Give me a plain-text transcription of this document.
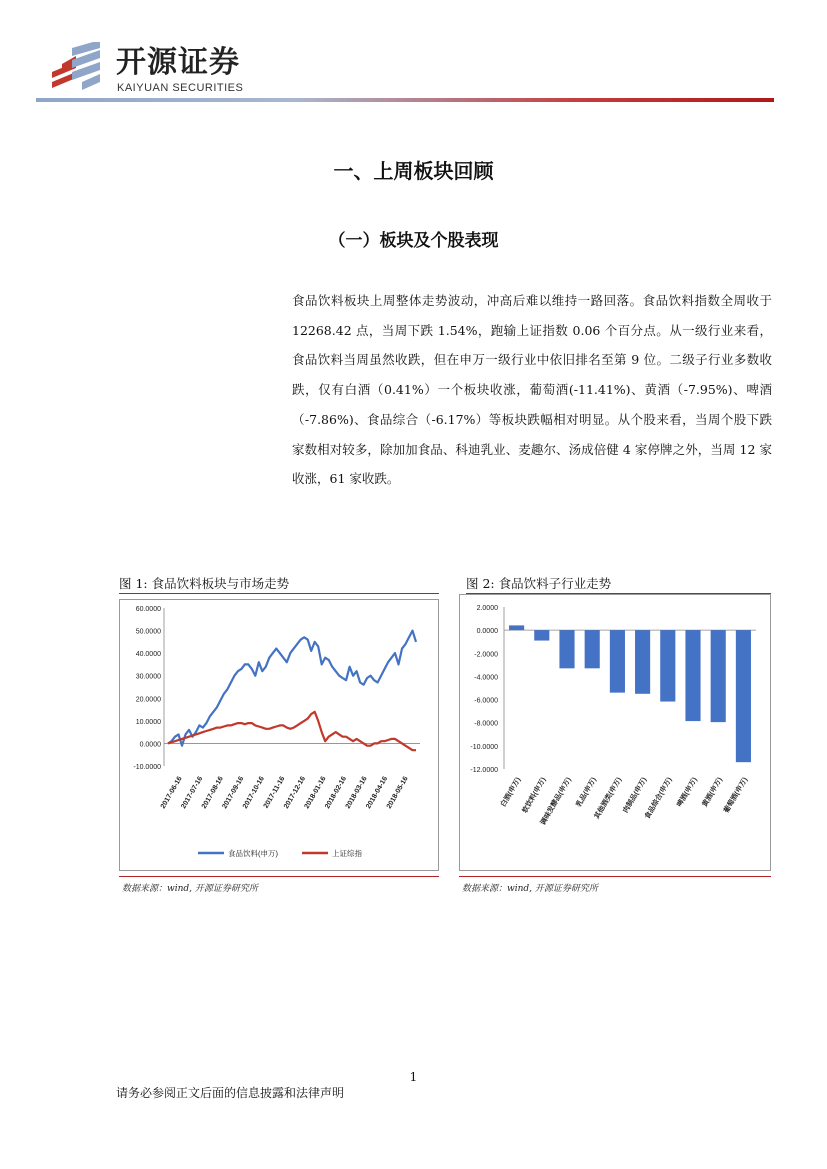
开源证券
KAIYUAN SECURITIES
一、上周板块回顾
（一）板块及个股表现
食品饮料板块上周整体走势波动，冲高后难以维持一路回落。食品饮料指数全周收于 12268.42 点，当周下跌 1.54%，跑输上证指数 0.06 个百分点。从一级行业来看，食品饮料当周虽然收跌，但在申万一级行业中依旧排名至第 9 位。二级子行业多数收跌，仅有白酒（0.41%）一个板块收涨，葡萄酒(-11.41%)、黄酒（-7.95%)、啤酒（-7.86%)、食品综合（-6.17%）等板块跌幅相对明显。从个股来看，当周个股下跌家数相对较多，除加加食品、科迪乳业、麦趣尔、汤成倍健 4 家停牌之外，当周 12 家收涨，61 家收跌。
图 1: 食品饮料板块与市场走势
60.0000
50.0000
40.0000
30.0000
20.0000
10.0000
0.0000
-10.0000
2017-06-16
2017-07-16
2017-08-16
2017-09-16
2017-10-16
2017-11-16
2017-12-16
2018-01-16
2018-02-16
2018-03-16
2018-04-16
2018-05-16
食品饮料(申万)	上证综指
数据来源：wind, 开源证券研究所
图 2: 食品饮料子行业走势
2.0000
0.0000
-2.0000
-4.0000
-6.0000
-8.0000
-10.0000
-12.0000
白酒(申万) 软饮料(申万)
调味发酵品(申万) 乳品(申万)
其他酒类(申万) 肉制品(申万)
食品综合(申万) 啤酒(申万) 黄酒(申万) 葡萄酒(申万)
数据来源：wind, 开源证券研究所
1
请务必参阅正文后面的信息披露和法律声明
